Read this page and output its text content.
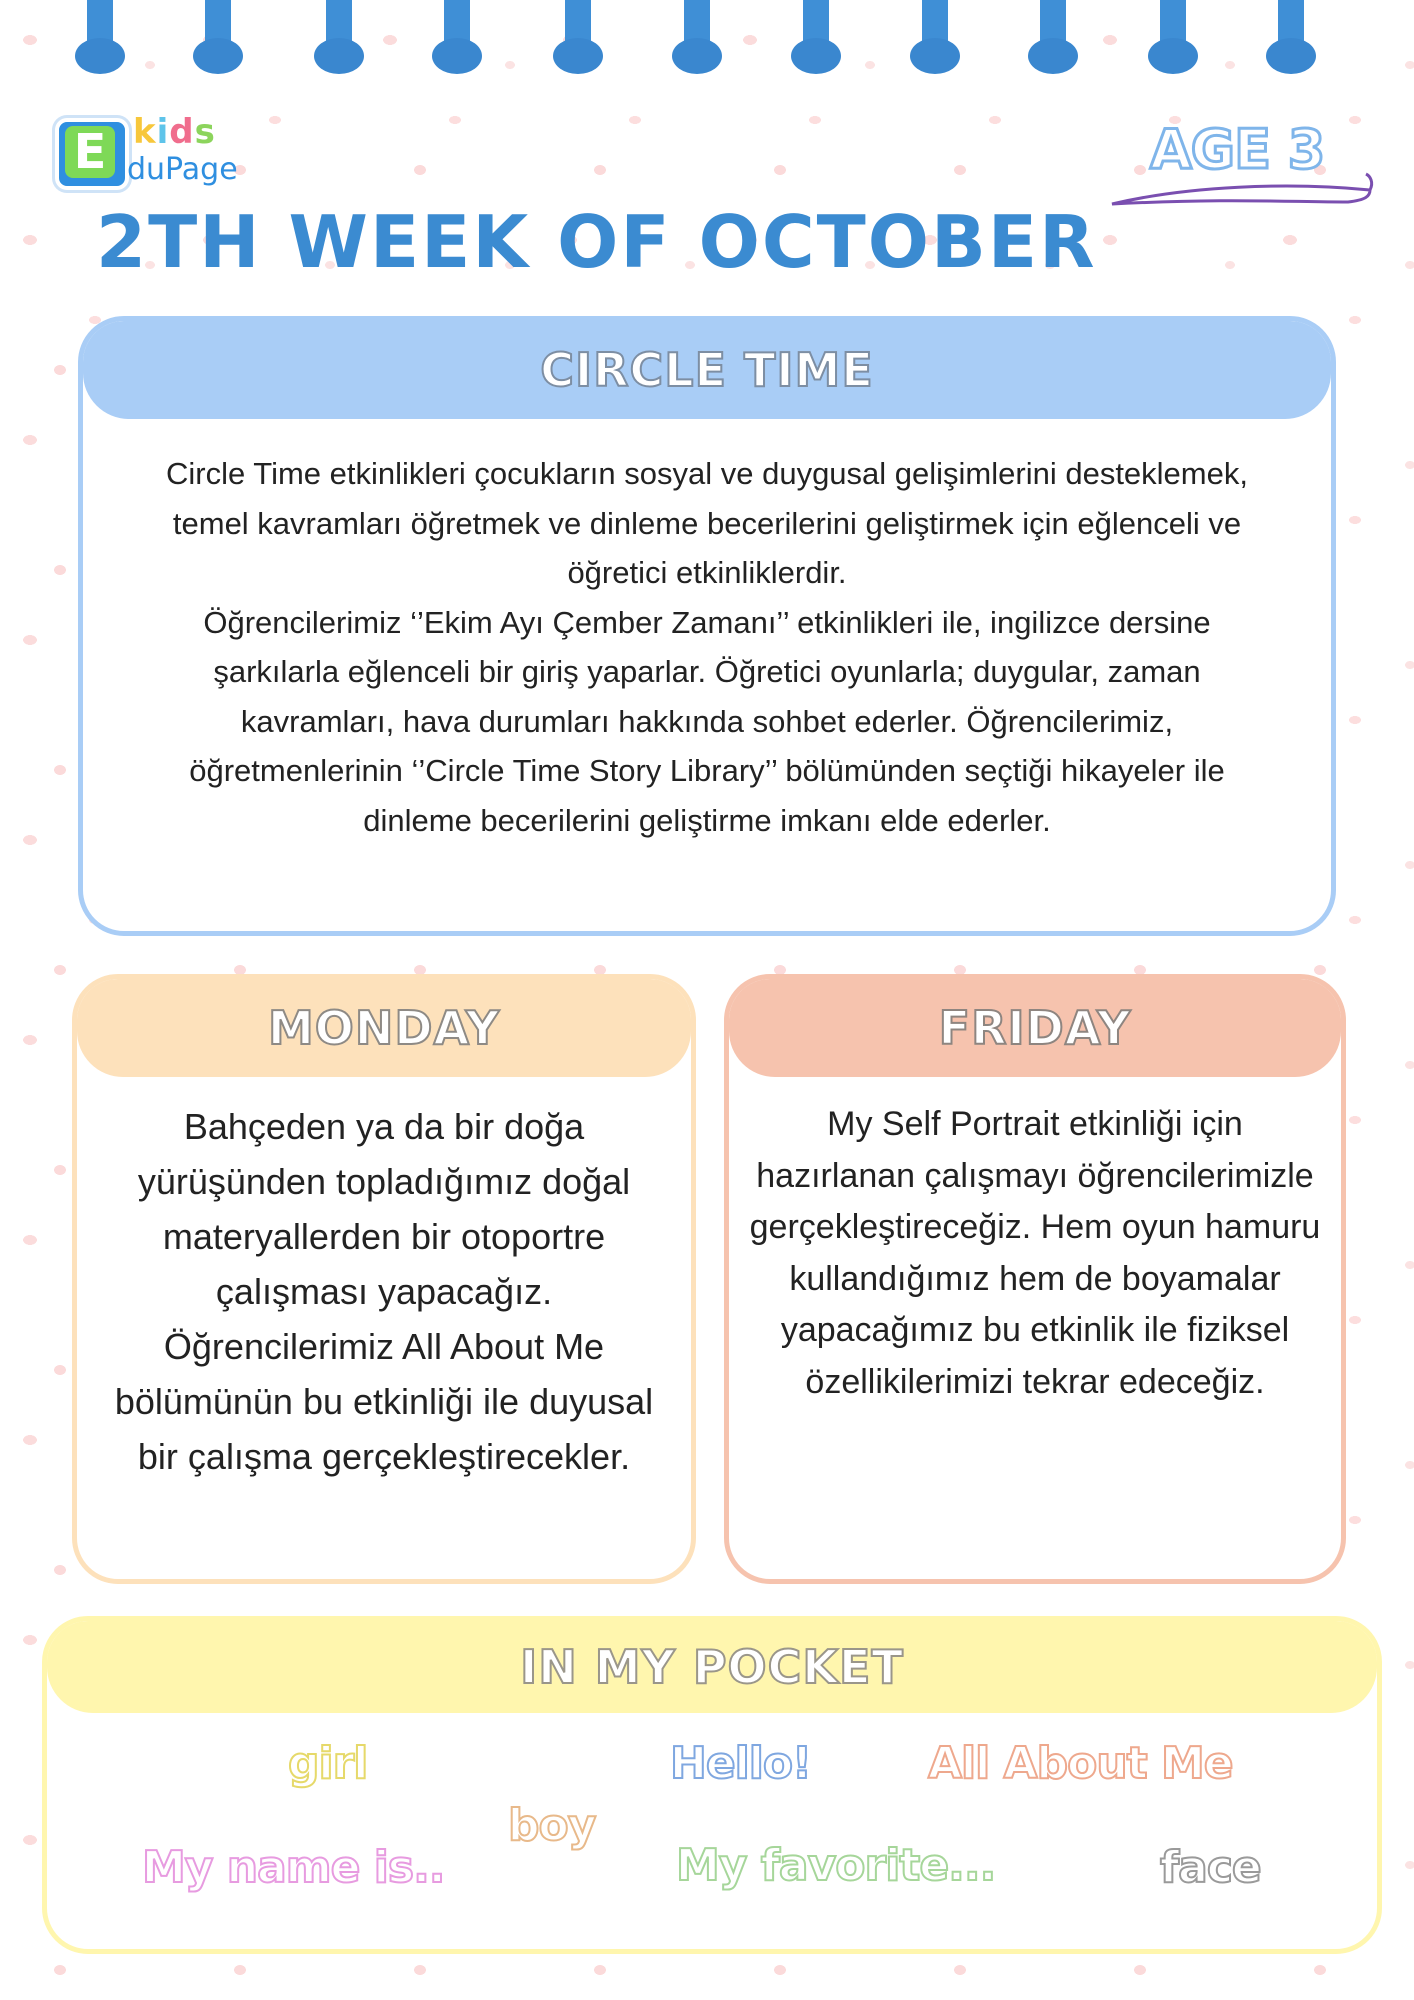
E kids
duPage	AGE 3
2TH WEEK OF OCTOBER
CIRCLE TIME
Circle Time etkinlikleri çocukların sosyal ve duygusal gelişimlerini desteklemek, temel kavramları öğretmek ve dinleme becerilerini geliştirmek için eğlenceli ve öğretici etkinliklerdir.
Öğrencilerimiz ‘’Ekim Ayı Çember Zamanı’’ etkinlikleri ile, ingilizce dersine şarkılarla eğlenceli bir giriş yaparlar. Öğretici oyunlarla; duygular, zaman kavramları, hava durumları hakkında sohbet ederler. Öğrencilerimiz, öğretmenlerinin ‘’Circle Time Story Library’’ bölümünden seçtiği hikayeler ile dinleme becerilerini geliştirme imkanı elde ederler.
MONDAY
Bahçeden ya da bir doğa yürüşünden topladığımız doğal materyallerden bir otoportre çalışması yapacağız. Öğrencilerimiz All About Me bölümünün bu etkinliği ile duyusal bir çalışma gerçekleştirecekler.
FRIDAY
My Self Portrait etkinliği için hazırlanan çalışmayı öğrencilerimizle gerçekleştireceğiz. Hem oyun hamuru kullandığımız hem de boyamalar yapacağımız bu etkinlik ile fiziksel özellikilerimizi tekrar edeceğiz.
IN MY POCKET
girl	Hello!	All About Me
boy
My name is..	My favorite...	face
